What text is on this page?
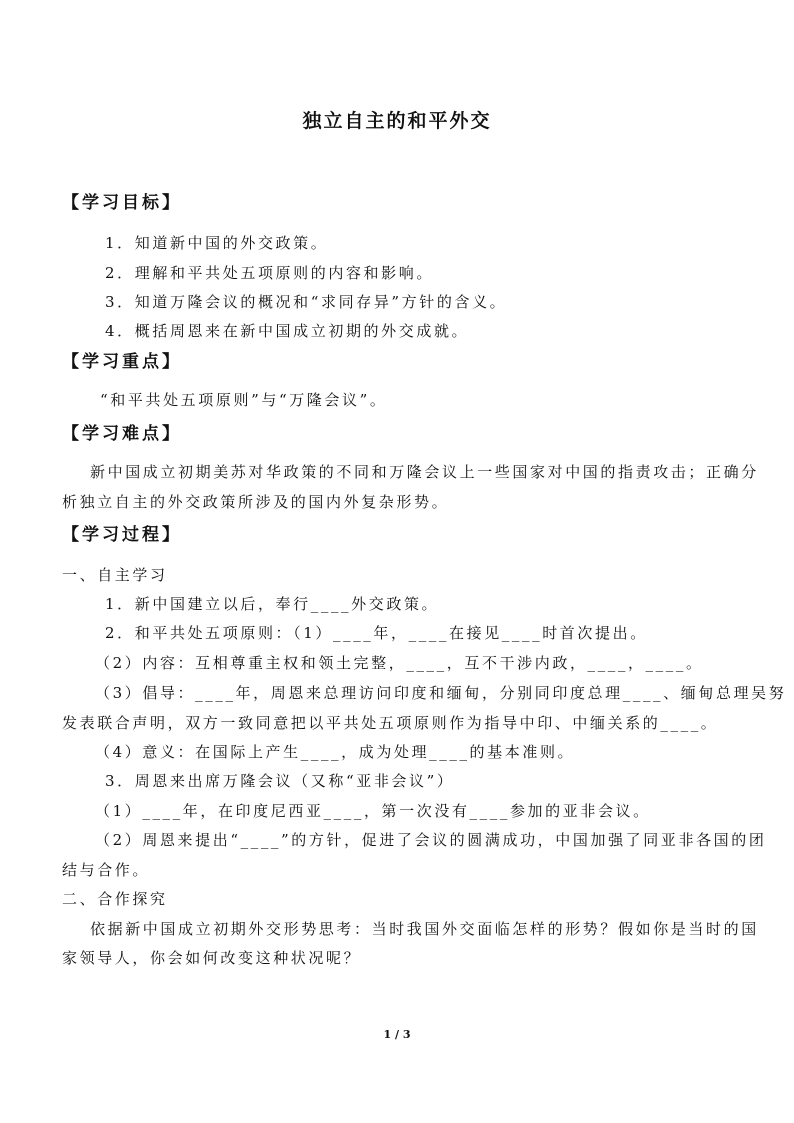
独立自主的和平外交
【学习目标】
1．知道新中国的外交政策。
2．理解和平共处五项原则的内容和影响。
3．知道万隆会议的概况和“求同存异”方针的含义。
4．概括周恩来在新中国成立初期的外交成就。
【学习重点】
“和平共处五项原则”与“万隆会议”。
【学习难点】
新中国成立初期美苏对华政策的不同和万隆会议上一些国家对中国的指责攻击；正确分
析独立自主的外交政策所涉及的国内外复杂形势。
【学习过程】
一、自主学习
1．新中国建立以后，奉行____外交政策。
2．和平共处五项原则：（1）____年，____在接见____时首次提出。
（2）内容：互相尊重主权和领土完整，____，互不干涉内政，____，____。
（3）倡导：____年，周恩来总理访问印度和缅甸，分别同印度总理____、缅甸总理吴努
发表联合声明，双方一致同意把以平共处五项原则作为指导中印、中缅关系的____。
（4）意义：在国际上产生____，成为处理____的基本准则。
3．周恩来出席万隆会议（又称“亚非会议”）
（1）____年，在印度尼西亚____，第一次没有____参加的亚非会议。
（2）周恩来提出“____”的方针，促进了会议的圆满成功，中国加强了同亚非各国的团
结与合作。
二、合作探究
依据新中国成立初期外交形势思考：当时我国外交面临怎样的形势？假如你是当时的国
家领导人，你会如何改变这种状况呢？
1 / 3
